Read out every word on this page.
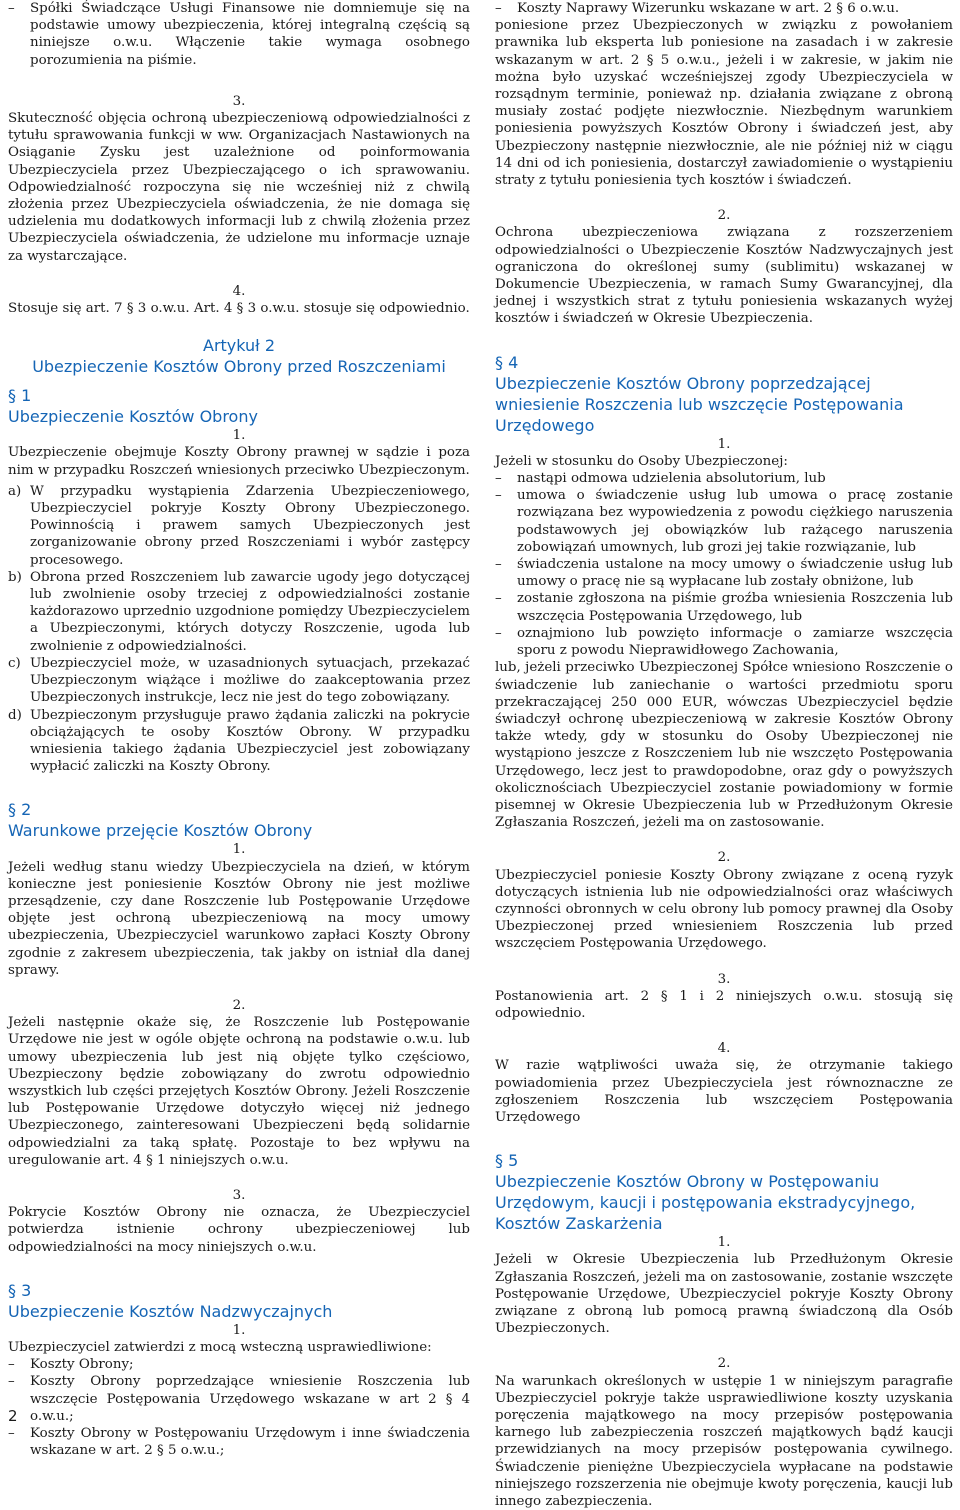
– Spółki Świadczące Usługi Finansowe nie domniemuje się na podstawie umowy ubezpieczenia, której integralną częścią są niniejsze o.w.u. Włączenie takie wymaga osobnego porozumienia na piśmie.

3.

Skuteczność objęcia ochroną ubezpieczeniową odpowiedzialności z tytułu sprawowania funkcji w ww. Organizacjach Nastawionych na Osiąganie Zysku jest uzależnione od poinformowania Ubezpieczyciela przez Ubezpieczającego o ich sprawowaniu. Odpowiedzialność rozpoczyna się nie wcześniej niż z chwilą złożenia przez Ubezpieczyciela oświadczenia, że nie domaga się udzielenia mu dodatkowych informacji lub z chwilą złożenia przez Ubezpieczyciela oświadczenia, że udzielone mu informacje uznaje za wystarczające.

4.

Stosuje się art. 7 § 3 o.w.u. Art. 4 § 3 o.w.u. stosuje się odpowiednio.

Artykuł 2
Ubezpieczenie Kosztów Obrony przed Roszczeniami
§ 1
Ubezpieczenie Kosztów Obrony

1.

Ubezpieczenie obejmuje Koszty Obrony prawnej w sądzie i poza nim w przypadku Roszczeń wniesionych przeciwko Ubezpieczonym.

a) W przypadku wystąpienia Zdarzenia Ubezpieczeniowego, Ubezpieczyciel pokryje Koszty Obrony Ubezpieczonego. Powinnością i prawem samych Ubezpieczonych jest zorganizowanie obrony przed Roszczeniami i wybór zastępcy procesowego.
b) Obrona przed Roszczeniem lub zawarcie ugody jego dotyczącej lub zwolnienie osoby trzeciej z odpowiedzialności zostanie każdorazowo uprzednio uzgodnione pomiędzy Ubezpieczycielem a Ubezpieczonymi, których dotyczy Roszczenie, ugoda lub zwolnienie z odpowiedzialności.
c) Ubezpieczyciel może, w uzasadnionych sytuacjach, przekazać Ubezpieczonym wiążące i możliwe do zaakceptowania przez Ubezpieczonych instrukcje, lecz nie jest do tego zobowiązany.
d) Ubezpieczonym przysługuje prawo żądania zaliczki na pokrycie obciążających te osoby Kosztów Obrony. W przypadku wniesienia takiego żądania Ubezpieczyciel jest zobowiązany wypłacić zaliczki na Koszty Obrony.
§ 2
Warunkowe przejęcie Kosztów Obrony

1.

Jeżeli według stanu wiedzy Ubezpieczyciela na dzień, w którym konieczne jest poniesienie Kosztów Obrony nie jest możliwe przesądzenie, czy dane Roszczenie lub Postępowanie Urzędowe objęte jest ochroną ubezpieczeniową na mocy umowy ubezpieczenia, Ubezpieczyciel warunkowo zapłaci Koszty Obrony zgodnie z zakresem ubezpieczenia, tak jakby on istniał dla danej sprawy.

2.

Jeżeli następnie okaże się, że Roszczenie lub Postępowanie Urzędowe nie jest w ogóle objęte ochroną na podstawie o.w.u. lub umowy ubezpieczenia lub jest nią objęte tylko częściowo, Ubezpieczony będzie zobowiązany do zwrotu odpowiednio wszystkich lub części przejętych Kosztów Obrony. Jeżeli Roszczenie lub Postępowanie Urzędowe dotyczyło więcej niż jednego Ubezpieczonego, zainteresowani Ubezpieczeni będą solidarnie odpowiedzialni za taką spłatę. Pozostaje to bez wpływu na uregulowanie art. 4 § 1 niniejszych o.w.u.

3.

Pokrycie Kosztów Obrony nie oznacza, że Ubezpieczyciel potwierdza istnienie ochrony ubezpieczeniowej lub odpowiedzialności na mocy niniejszych o.w.u.

§ 3
Ubezpieczenie Kosztów Nadzwyczajnych

1.

Ubezpieczyciel zatwierdzi z mocą wsteczną usprawiedliwione:

– Koszty Obrony;

– Koszty Obrony poprzedzające wniesienie Roszczenia lub wszczęcie Postępowania Urzędowego wskazane w art 2 § 4 o.w.u.;

– Koszty Obrony w Postępowaniu Urzędowym i inne świadczenia wskazane w art. 2 § 5 o.w.u.;

– Koszty Naprawy Wizerunku wskazane w art. 2 § 6 o.w.u.

poniesione przez Ubezpieczonych w związku z powołaniem prawnika lub eksperta lub poniesione na zasadach i w zakresie wskazanym w art. 2 § 5 o.w.u., jeżeli i w zakresie, w jakim nie można było uzyskać wcześniejszej zgody Ubezpieczyciela w rozsądnym terminie, ponieważ np. działania związane z obroną musiały zostać podjęte niezwłocznie. Niezbędnym warunkiem poniesienia powyższych Kosztów Obrony i świadczeń jest, aby Ubezpieczony następnie niezwłocznie, ale nie później niż w ciągu 14 dni od ich poniesienia, dostarczył zawiadomienie o wystąpieniu straty z tytułu poniesienia tych kosztów i świadczeń.

2.

Ochrona ubezpieczeniowa związana z rozszerzeniem odpowiedzialności o Ubezpieczenie Kosztów Nadzwyczajnych jest ograniczona do określonej sumy (sublimitu) wskazanej w Dokumencie Ubezpieczenia, w ramach Sumy Gwarancyjnej, dla jednej i wszystkich strat z tytułu poniesienia wskazanych wyżej kosztów i świadczeń w Okresie Ubezpieczenia.

§ 4
Ubezpieczenie Kosztów Obrony poprzedzającej wniesienie Roszczenia lub wszczęcie Postępowania Urzędowego

1.

Jeżeli w stosunku do Osoby Ubezpieczonej:

– nastąpi odmowa udzielenia absolutorium, lub

– umowa o świadczenie usług lub umowa o pracę zostanie rozwiązana bez wypowiedzenia z powodu ciężkiego naruszenia podstawowych jej obowiązków lub rażącego naruszenia zobowiązań umownych, lub grozi jej takie rozwiązanie, lub

– świadczenia ustalone na mocy umowy o świadczenie usług lub umowy o pracę nie są wypłacane lub zostały obniżone, lub

– zostanie zgłoszona na piśmie groźba wniesienia Roszczenia lub wszczęcia Postępowania Urzędowego, lub

– oznajmiono lub powzięto informacje o zamiarze wszczęcia sporu z powodu Nieprawidłowego Zachowania,

lub, jeżeli przeciwko Ubezpieczonej Spółce wniesiono Roszczenie o świadczenie lub zaniechanie o wartości przedmiotu sporu przekraczającej 250 000 EUR, wówczas Ubezpieczyciel będzie świadczył ochronę ubezpieczeniową w zakresie Kosztów Obrony także wtedy, gdy w stosunku do Osoby Ubezpieczonej nie wystąpiono jeszcze z Roszczeniem lub nie wszczęto Postępowania Urzędowego, lecz jest to prawdopodobne, oraz gdy o powyższych okolicznościach Ubezpieczyciel zostanie powiadomiony w formie pisemnej w Okresie Ubezpieczenia lub w Przedłużonym Okresie Zgłaszania Roszczeń, jeżeli ma on zastosowanie.

2.

Ubezpieczyciel poniesie Koszty Obrony związane z oceną ryzyk dotyczących istnienia lub nie odpowiedzialności oraz właściwych czynności obronnych w celu obrony lub pomocy prawnej dla Osoby Ubezpieczonej przed wniesieniem Roszczenia lub przed wszczęciem Postępowania Urzędowego.

3.

Postanowienia art. 2 § 1 i 2 niniejszych o.w.u. stosują się odpowiednio.

4.

W razie wątpliwości uważa się, że otrzymanie takiego powiadomienia przez Ubezpieczyciela jest równoznaczne ze zgłoszeniem Roszczenia lub wszczęciem Postępowania Urzędowego

§ 5
Ubezpieczenie Kosztów Obrony w Postępowaniu Urzędowym, kaucji i postępowania ekstradycyjnego, Kosztów Zaskarżenia

1.

Jeżeli w Okresie Ubezpieczenia lub Przedłużonym Okresie Zgłaszania Roszczeń, jeżeli ma on zastosowanie, zostanie wszczęte Postępowanie Urzędowe, Ubezpieczyciel pokryje Koszty Obrony związane z obroną lub pomocą prawną świadczoną dla Osób Ubezpieczonych.

2.

Na warunkach określonych w ustępie 1 w niniejszym paragrafie Ubezpieczyciel pokryje także usprawiedliwione koszty uzyskania poręczenia majątkowego na mocy przepisów postępowania karnego lub zabezpieczenia roszczeń majątkowych bądź kaucji przewidzianych na mocy przepisów postępowania cywilnego. Świadczenie pieniężne Ubezpieczyciela wypłacane na podstawie niniejszego rozszerzenia nie obejmuje kwoty poręczenia, kaucji lub innego zabezpieczenia.

2
